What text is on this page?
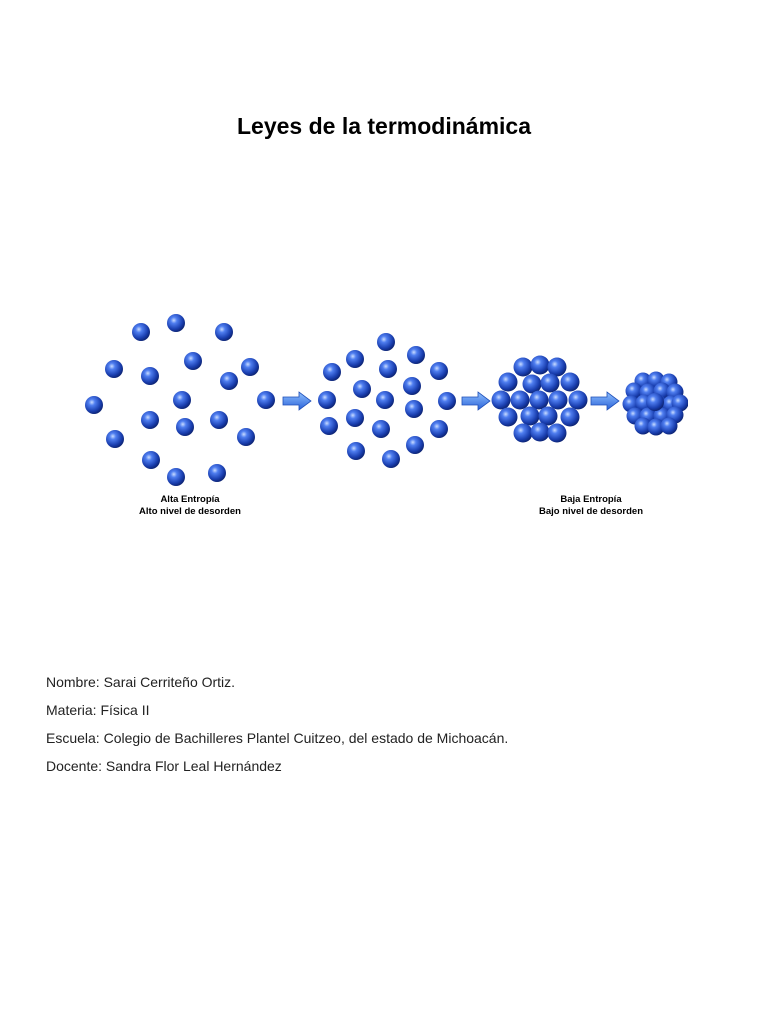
Leyes de la termodinámica
Alta Entropía
Alto nivel de desorden
Baja Entropía
Bajo nivel de desorden
Nombre: Sarai Cerriteño Ortiz.
Materia: Física II
Escuela: Colegio de Bachilleres Plantel Cuitzeo, del estado de Michoacán.
Docente: Sandra Flor Leal Hernández
